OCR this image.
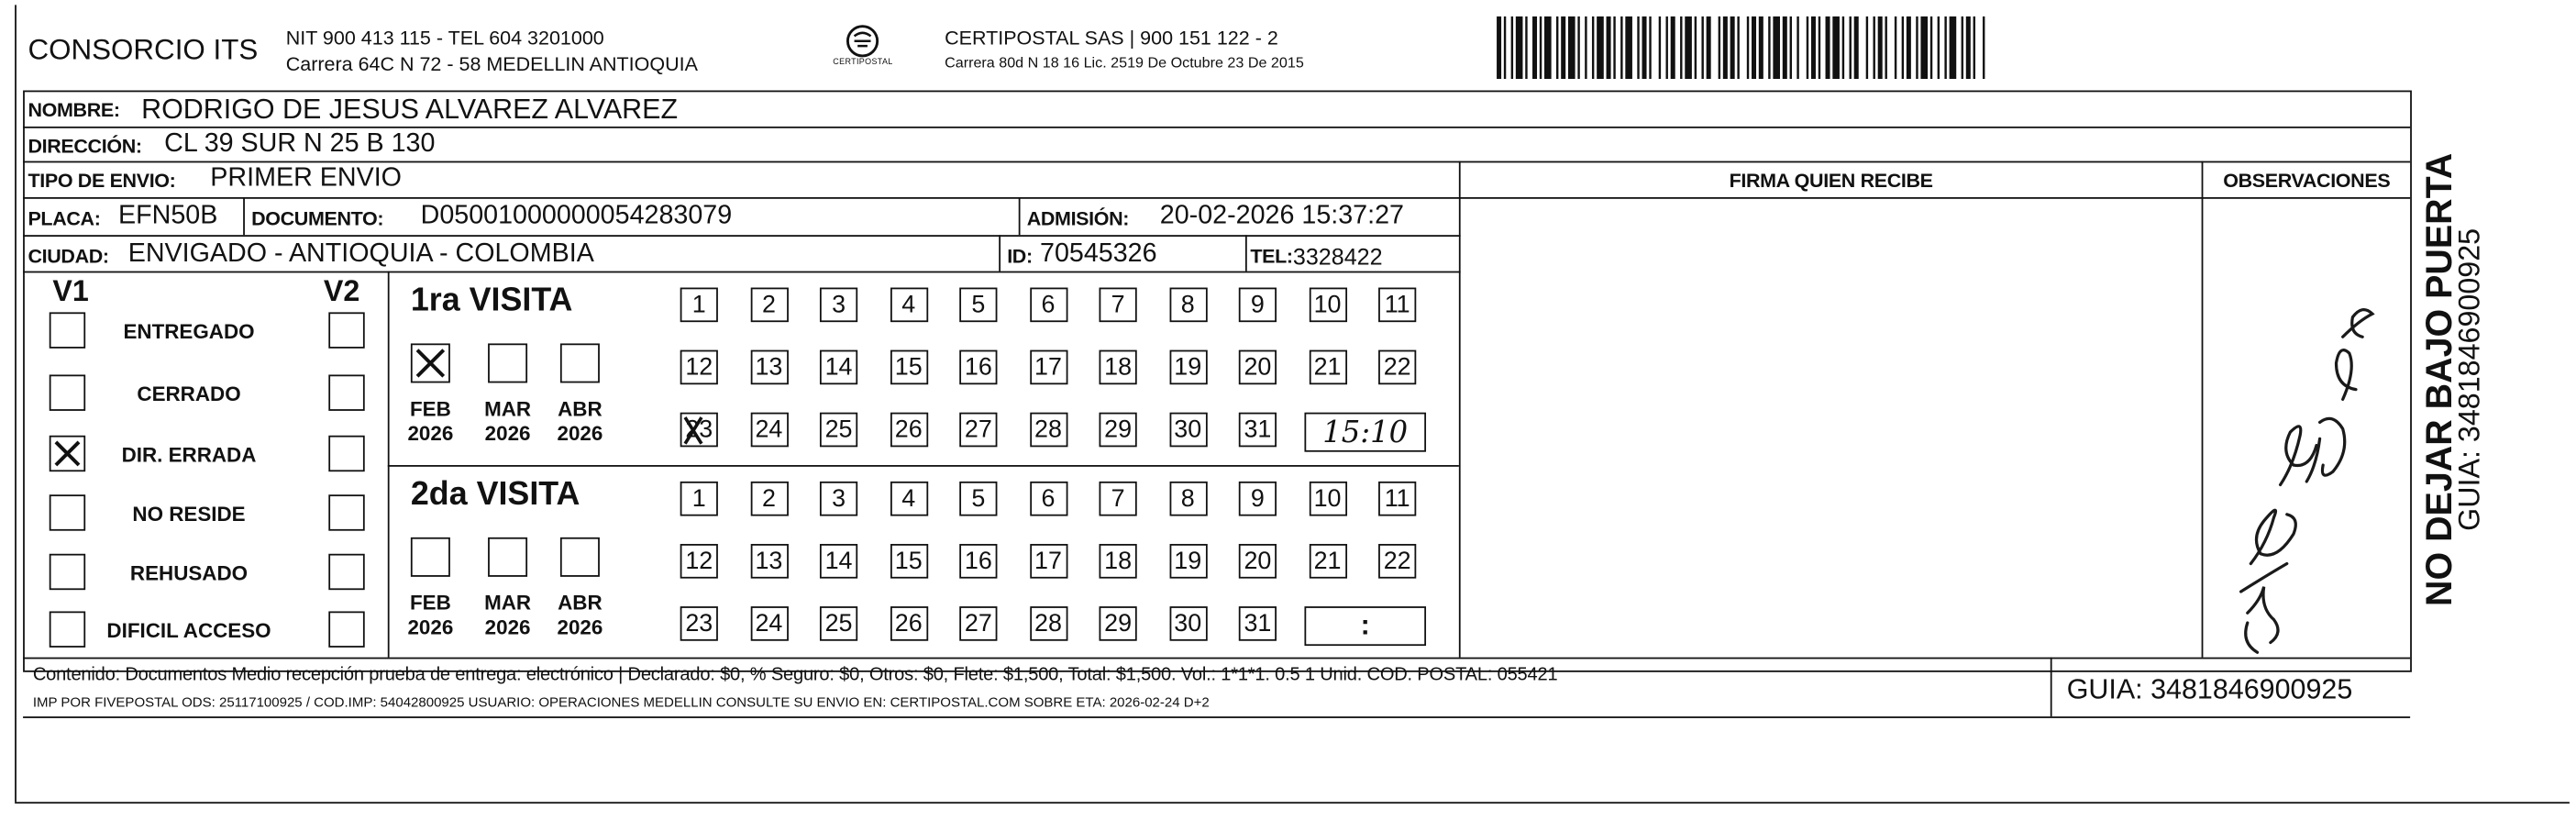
CONSORCIO ITS	NIT 900 413 115 - TEL 604 3201000
Carrera 64C N 72 - 58 MEDELLIN ANTIOQUIA	CERTIPOSTAL
CERTIPOSTAL SAS | 900 151 122 - 2
Carrera 80d N 18 16 Lic. 2519 De Octubre 23 De 2015
NOMBRE: RODRIGO DE JESUS ALVAREZ ALVAREZ
DIRECCIÓN: CL 39 SUR N 25 B 130
TIPO DE ENVIO: PRIMER ENVIO	FIRMA QUIEN RECIBE	OBSERVACIONES
PLACA: EFN50B	DOCUMENTO:	D05001000000054283079	ADMISIÓN: 20-02-2026 15:37:27
CIUDAD: ENVIGADO - ANTIOQUIA - COLOMBIA	ID: 70545326	TEL: 3328422
V1	V2
ENTREGADO
CERRADO
DIR. ERRADA
NO RESIDE
REHUSADO
DIFICIL ACCESO
1ra VISITA
FEB
2026
MAR
2026
ABR
2026
1	2	3	4	5	6	7	8	9	10	11
12	13	14	15	16	17	18	19	20	21	22
23	24	25	26	27	28	29	30	31	15:10
2da VISITA
FEB
2026
MAR
2026
ABR
2026
1	2	3	4	5	6	7	8	9	10	11
12	13	14	15	16	17	18	19	20	21	22
23	24	25	26	27	28	29	30	31	:
Contenido: Documentos Medio recepción prueba de entrega: electrónico | Declarado: $0, % Seguro: $0, Otros: $0, Flete: $1,500, Total: $1,500. Vol.: 1*1*1. 0.5 1 Unid. COD. POSTAL: 055421
IMP POR FIVEPOSTAL ODS: 25117100925 / COD.IMP: 54042800925 USUARIO: OPERACIONES MEDELLIN CONSULTE SU ENVIO EN: CERTIPOSTAL.COM SOBRE ETA: 2026-02-24 D+2	GUIA: 3481846900925
NO DEJAR BAJO PUERTA
GUIA: 3481846900925
